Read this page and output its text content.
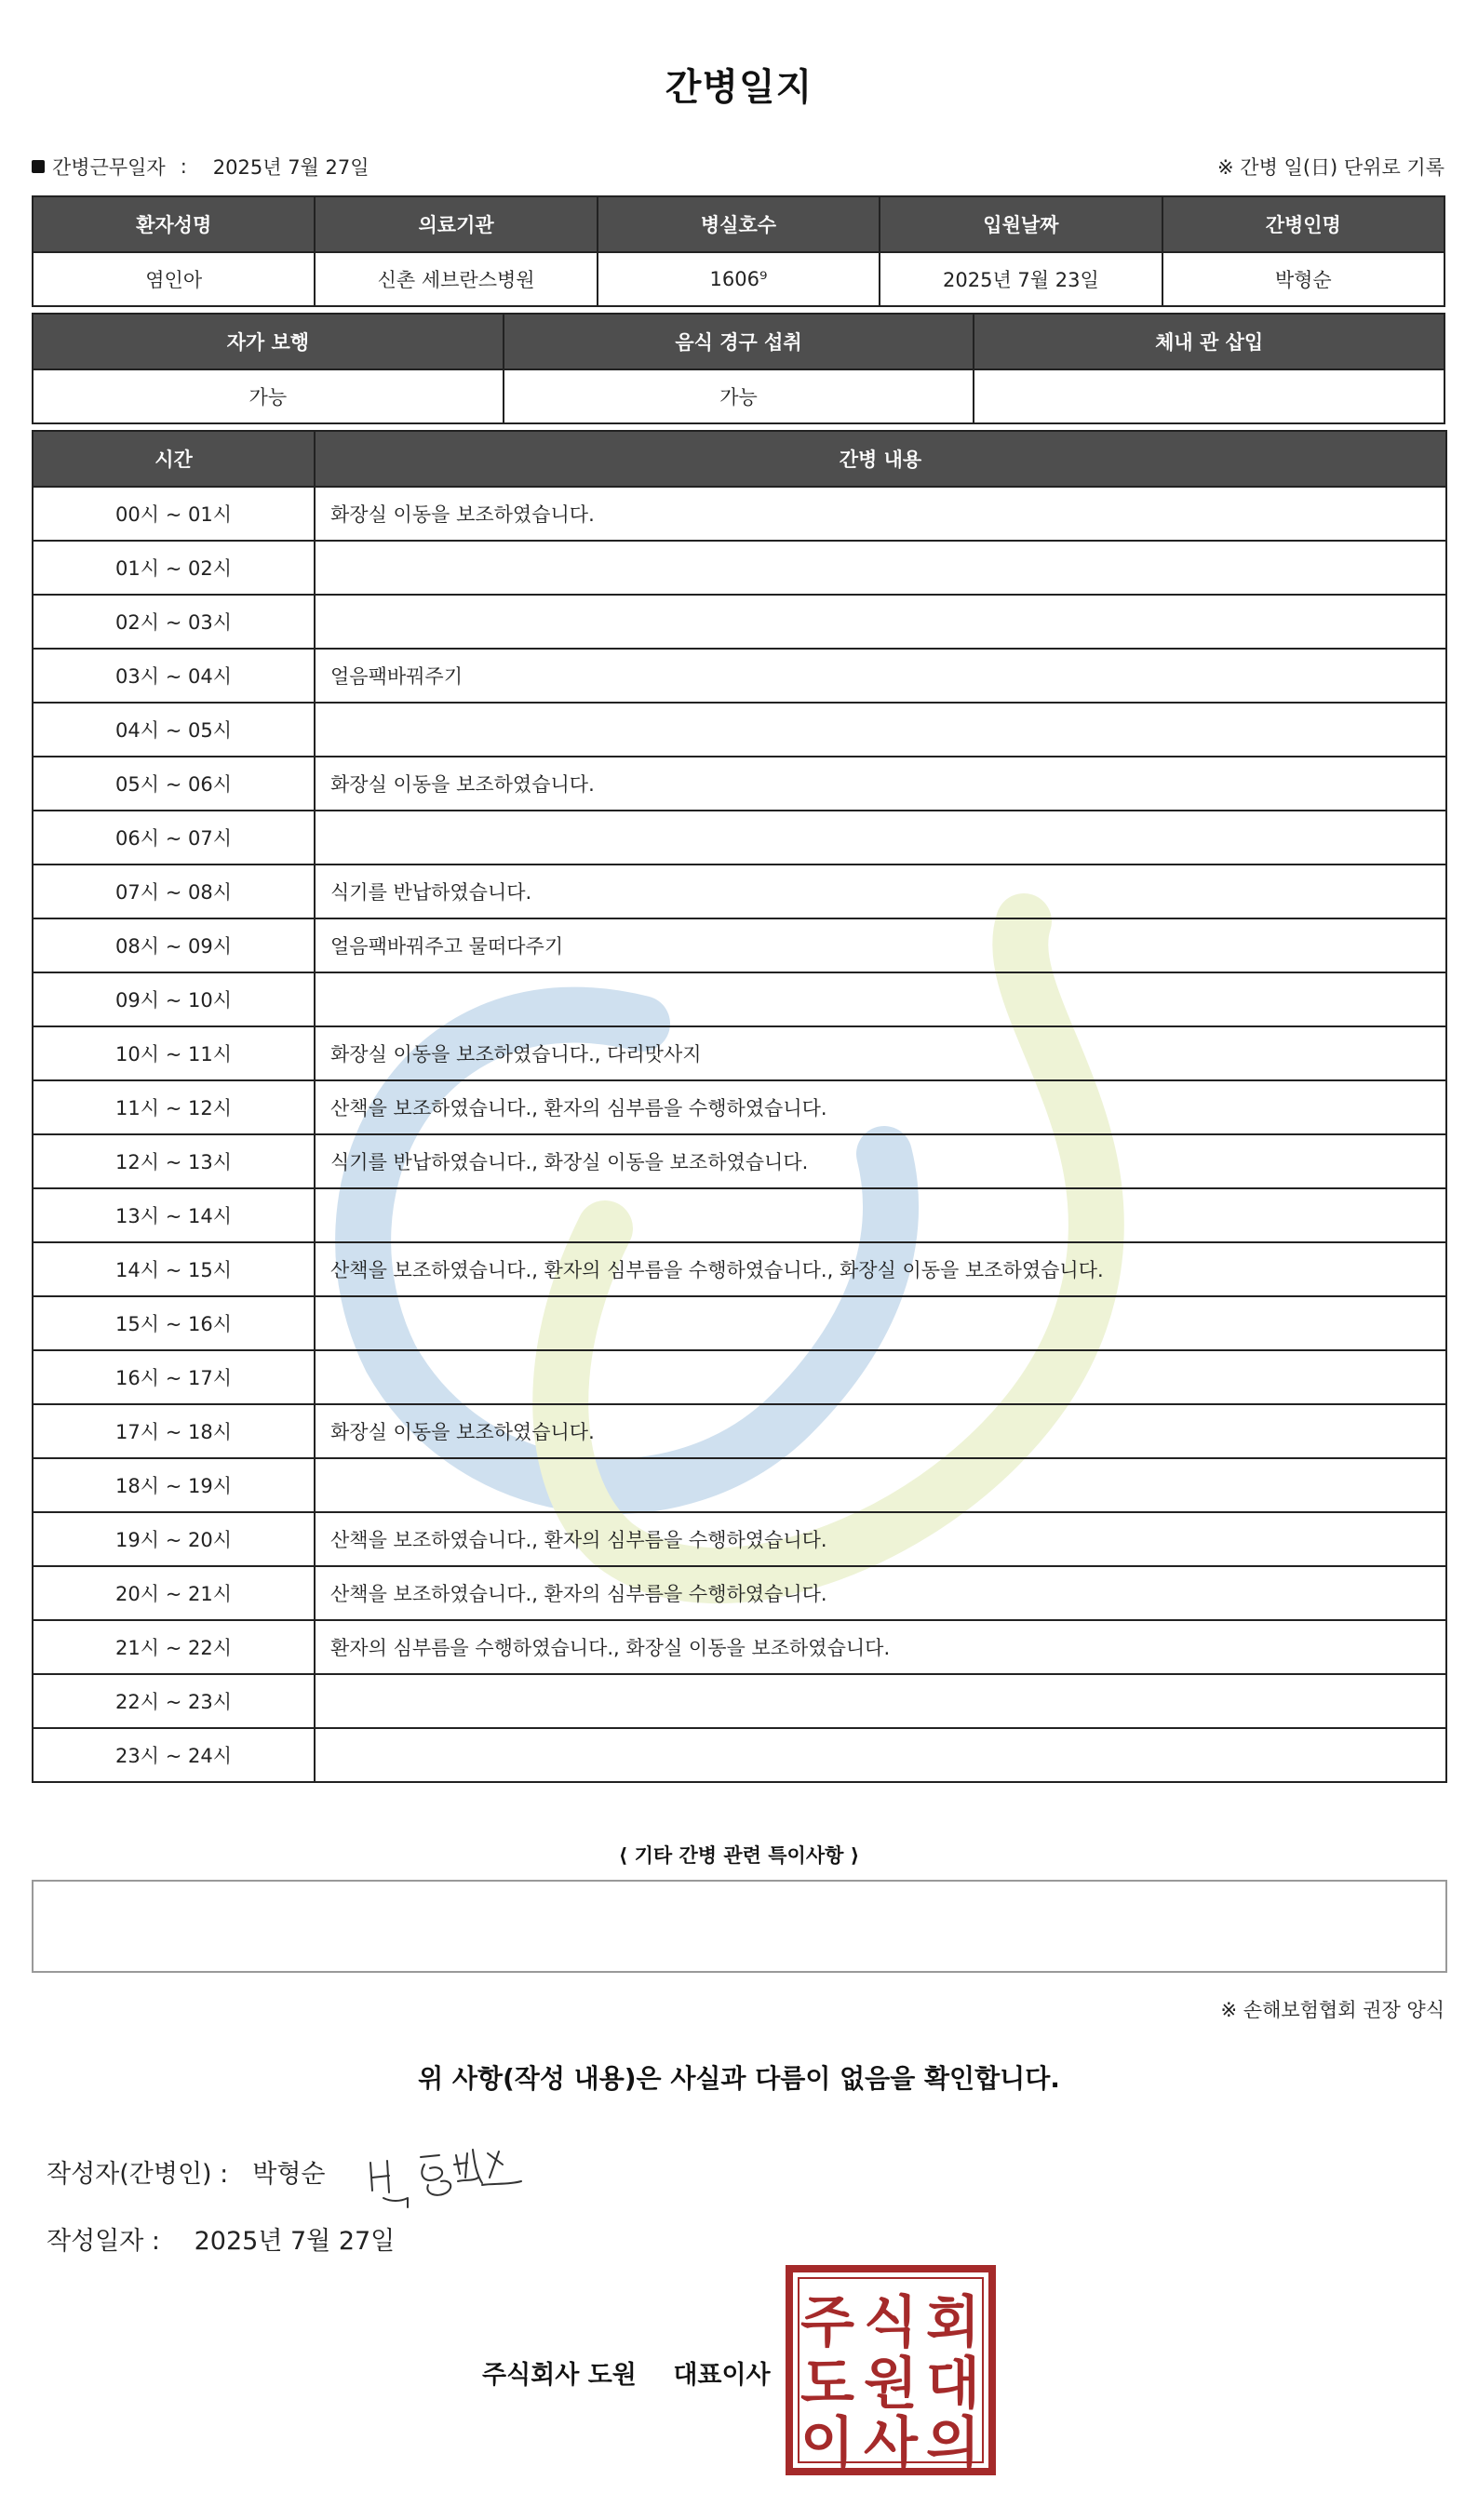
간병일지
간병근무일자 : 2025년 7월 27일	※ 간병 일(日) 단위로 기록
환자성명	의료기관	병실호수	입원날짜	간병인명
염인아	신촌 세브란스병원	1606⁹	2025년 7월 23일	박형순
자가 보행	음식 경구 섭취	체내 관 삽입
가능	가능	
시간	간병 내용
00시 ~ 01시	화장실 이동을 보조하였습니다.
01시 ~ 02시	
02시 ~ 03시	
03시 ~ 04시	얼음팩바꿔주기
04시 ~ 05시	
05시 ~ 06시	화장실 이동을 보조하였습니다.
06시 ~ 07시	
07시 ~ 08시	식기를 반납하였습니다.
08시 ~ 09시	얼음팩바꿔주고 물떠다주기
09시 ~ 10시	
10시 ~ 11시	화장실 이동을 보조하였습니다., 다리맛사지
11시 ~ 12시	산책을 보조하였습니다., 환자의 심부름을 수행하였습니다.
12시 ~ 13시	식기를 반납하였습니다., 화장실 이동을 보조하였습니다.
13시 ~ 14시	
14시 ~ 15시	산책을 보조하였습니다., 환자의 심부름을 수행하였습니다., 화장실 이동을 보조하였습니다.
15시 ~ 16시	
16시 ~ 17시	
17시 ~ 18시	화장실 이동을 보조하였습니다.
18시 ~ 19시	
19시 ~ 20시	산책을 보조하였습니다., 환자의 심부름을 수행하였습니다.
20시 ~ 21시	산책을 보조하였습니다., 환자의 심부름을 수행하였습니다.
21시 ~ 22시	환자의 심부름을 수행하였습니다., 화장실 이동을 보조하였습니다.
22시 ~ 23시	
23시 ~ 24시	
⟨ 기타 간병 관련 특이사항 ⟩
※ 손해보험협회 권장 양식
위 사항(작성 내용)은 사실과 다름이 없음을 확인합니다.
작성자(간병인) : 박형순
작성일자 : 2025년 7월 27일
주식회사 도원 대표이사
주 식 회
도 원 대
이 사 의
